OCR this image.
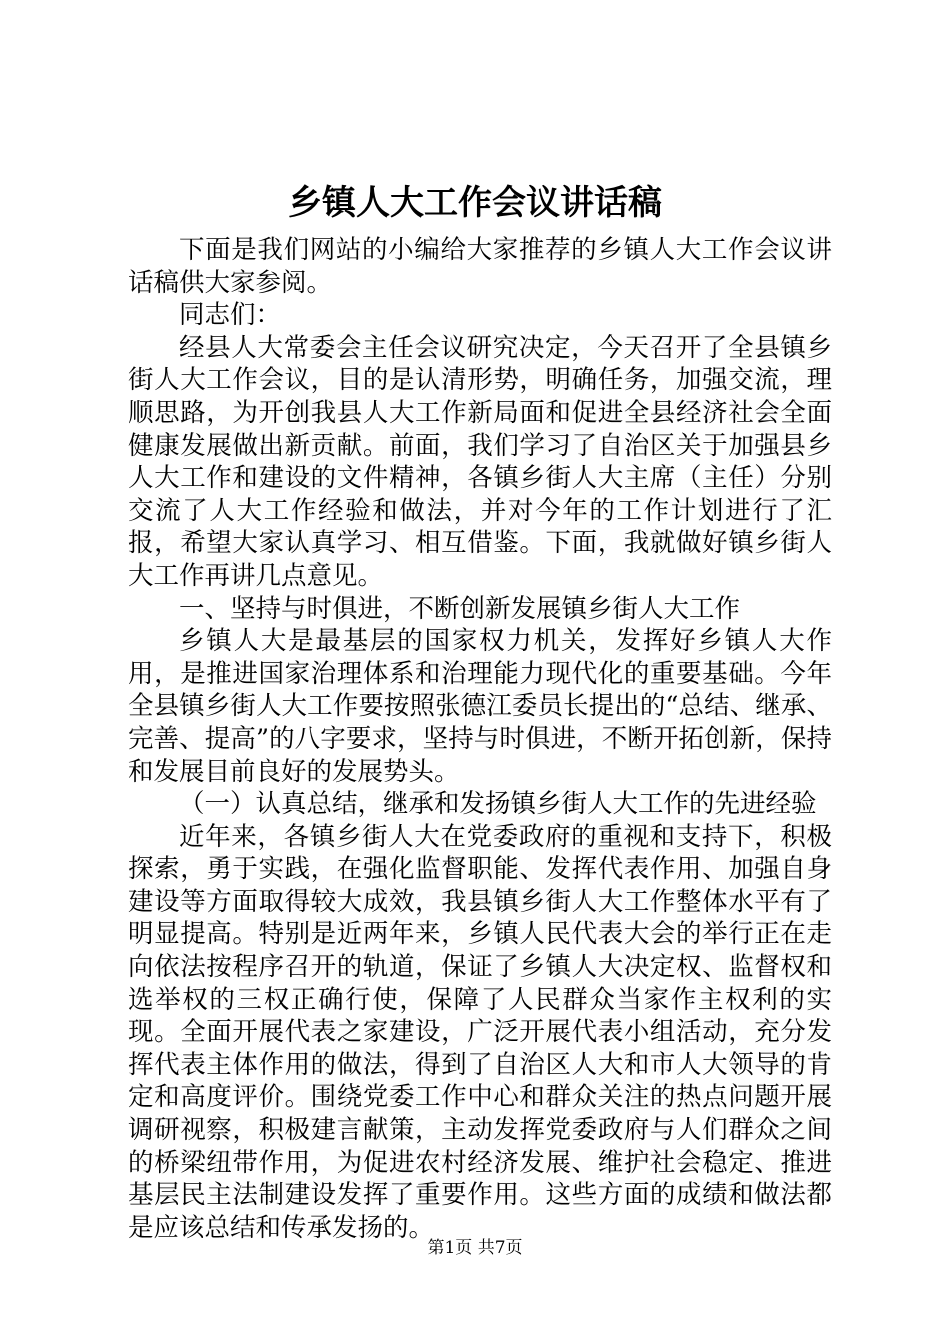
乡镇人大工作会议讲话稿

下面是我们网站的小编给大家推荐的乡镇人大工作会议讲话稿供大家参阅。

同志们：

经县人大常委会主任会议研究决定，今天召开了全县镇乡街人大工作会议，目的是认清形势，明确任务，加强交流，理顺思路，为开创我县人大工作新局面和促进全县经济社会全面健康发展做出新贡献。前面，我们学习了自治区关于加强县乡人大工作和建设的文件精神，各镇乡街人大主席（主任）分别交流了人大工作经验和做法，并对今年的工作计划进行了汇报，希望大家认真学习、相互借鉴。下面，我就做好镇乡街人大工作再讲几点意见。

一、坚持与时俱进，不断创新发展镇乡街人大工作

乡镇人大是最基层的国家权力机关，发挥好乡镇人大作用，是推进国家治理体系和治理能力现代化的重要基础。今年全县镇乡街人大工作要按照张德江委员长提出的“总结、继承、完善、提高”的八字要求，坚持与时俱进，不断开拓创新，保持和发展目前良好的发展势头。

（一）认真总结，继承和发扬镇乡街人大工作的先进经验

近年来，各镇乡街人大在党委政府的重视和支持下，积极探索，勇于实践，在强化监督职能、发挥代表作用、加强自身建设等方面取得较大成效，我县镇乡街人大工作整体水平有了明显提高。特别是近两年来，乡镇人民代表大会的举行正在走向依法按程序召开的轨道，保证了乡镇人大决定权、监督权和选举权的三权正确行使，保障了人民群众当家作主权利的实现。全面开展代表之家建设，广泛开展代表小组活动，充分发挥代表主体作用的做法，得到了自治区人大和市人大领导的肯定和高度评价。围绕党委工作中心和群众关注的热点问题开展调研视察，积极建言献策，主动发挥党委政府与人们群众之间的桥梁纽带作用，为促进农村经济发展、维护社会稳定、推进基层民主法制建设发挥了重要作用。这些方面的成绩和做法都是应该总结和传承发扬的。

第1页 共7页
